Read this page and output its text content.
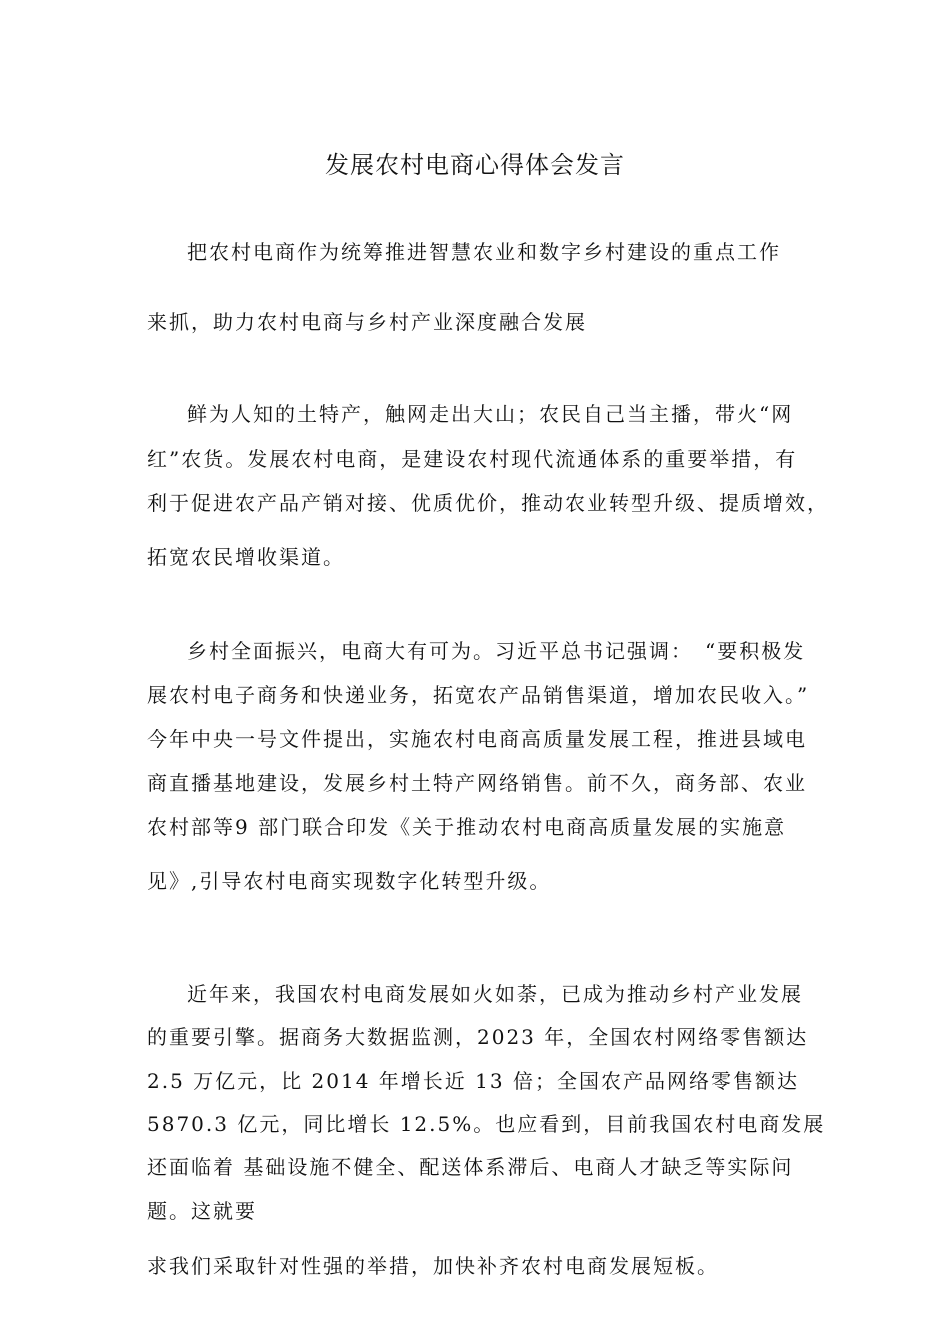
发展农村电商心得体会发言
把农村电商作为统筹推进智慧农业和数字乡村建设的重点工作
来抓，助力农村电商与乡村产业深度融合发展
鲜为人知的土特产，触网走出大山；农民自己当主播，带火“网
红”农货。发展农村电商，是建设农村现代流通体系的重要举措，有
利于促进农产品产销对接、优质优价，推动农业转型升级、提质增效，
拓宽农民增收渠道。
乡村全面振兴，电商大有可为。习近平总书记强调：　“要积极发
展农村电子商务和快递业务，拓宽农产品销售渠道，增加农民收入。”
今年中央一号文件提出，实施农村电商高质量发展工程，推进县域电
商直播基地建设，发展乡村土特产网络销售。前不久，商务部、农业
农村部等9 部门联合印发《关于推动农村电商高质量发展的实施意
见》,引导农村电商实现数字化转型升级。
近年来，我国农村电商发展如火如荼，已成为推动乡村产业发展
的重要引擎。据商务大数据监测，2023 年，全国农村网络零售额达
2.5 万亿元，比 2014 年增长近 13 倍；全国农产品网络零售额达
5870.3 亿元，同比增长 12.5%。也应看到，目前我国农村电商发展
还面临着 基础设施不健全、配送体系滞后、电商人才缺乏等实际问
题。这就要
求我们采取针对性强的举措，加快补齐农村电商发展短板。
